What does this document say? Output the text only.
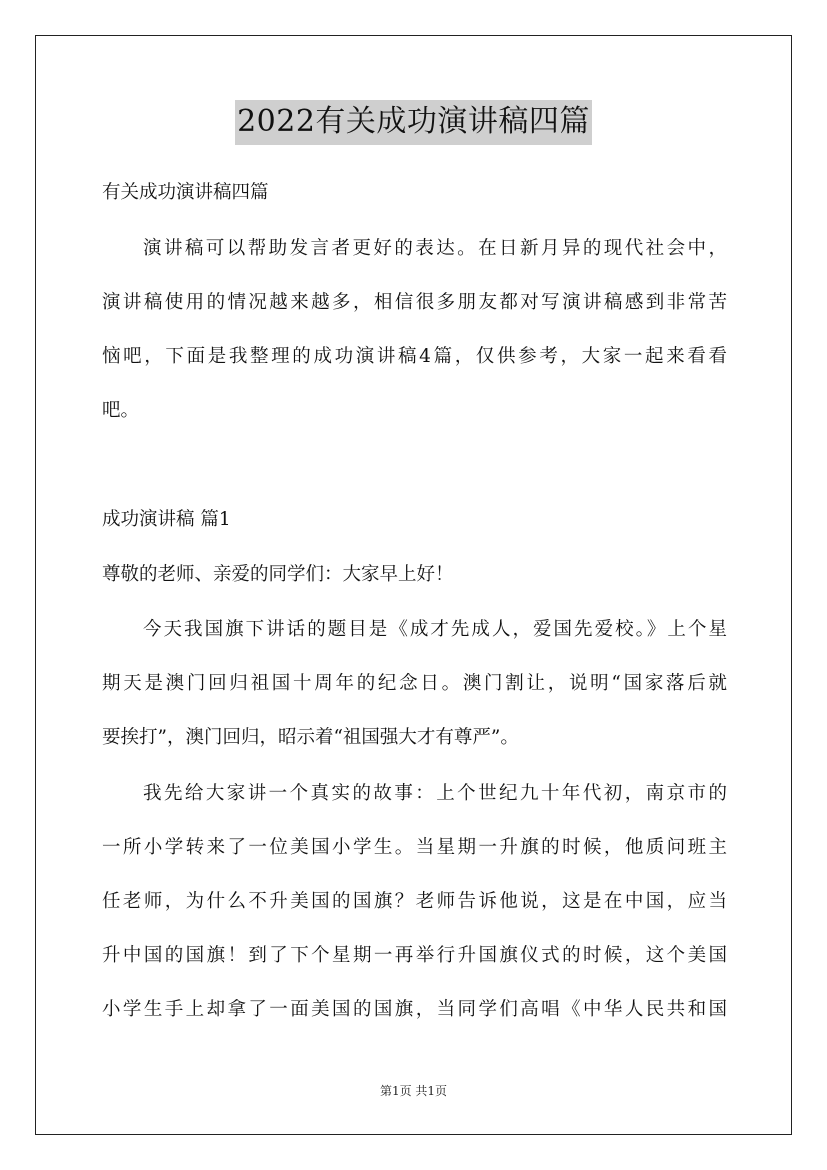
2022有关成功演讲稿四篇

有关成功演讲稿四篇

演讲稿可以帮助发言者更好的表达。在日新月异的现代社会中，

演讲稿使用的情况越来越多，相信很多朋友都对写演讲稿感到非常苦

恼吧，下面是我整理的成功演讲稿4篇，仅供参考，大家一起来看看

吧。

成功演讲稿 篇1

尊敬的老师、亲爱的同学们：大家早上好！

今天我国旗下讲话的题目是《成才先成人，爱国先爱校。》上个星

期天是澳门回归祖国十周年的纪念日。澳门割让，说明“国家落后就

要挨打”，澳门回归，昭示着“祖国强大才有尊严”。

我先给大家讲一个真实的故事：上个世纪九十年代初，南京市的

一所小学转来了一位美国小学生。当星期一升旗的时候，他质问班主

任老师，为什么不升美国的国旗？老师告诉他说，这是在中国，应当

升中国的国旗！到了下个星期一再举行升国旗仪式的时候，这个美国

小学生手上却拿了一面美国的国旗，当同学们高唱《中华人民共和国

第1页 共1页
